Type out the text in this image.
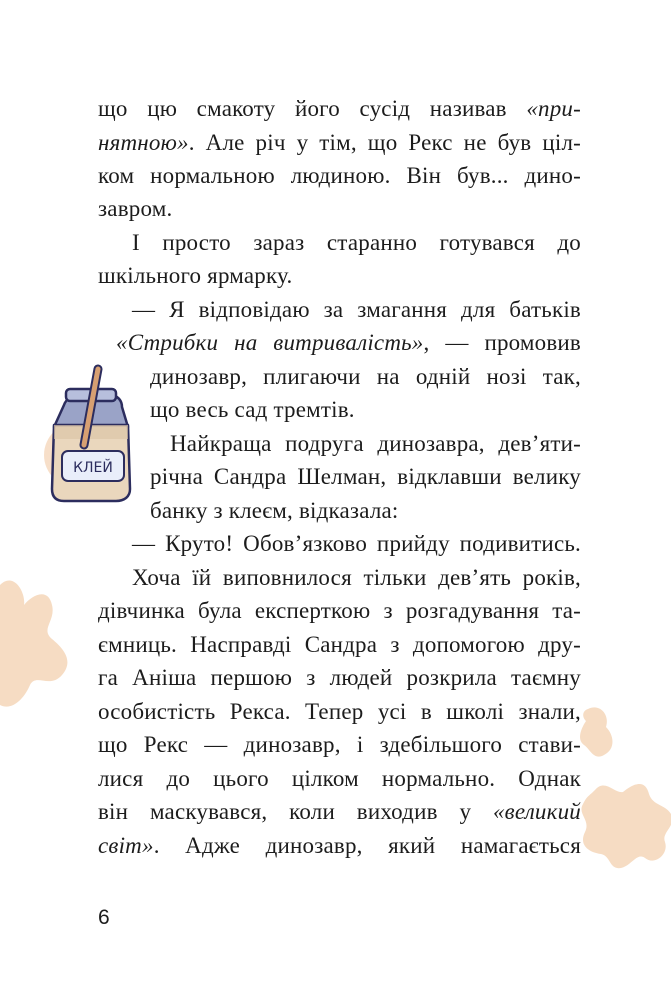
КЛЕЙ
що цю смакоту його сусід називав «при-
нятною». Але річ у тім, що Рекс не був ціл-
ком нормальною людиною. Він був... дино-
завром.
І просто зараз старанно готувався до
шкільного ярмарку.
— Я відповідаю за змагання для батьків
«Стрибки на витривалість», — промовив
динозавр, плигаючи на одній нозі так,
що весь сад тремтів.
Найкраща подруга динозавра, дев’яти-
річна Сандра Шелман, відклавши велику
банку з клеєм, відказала:
— Круто! Обов’язково прийду подивитись.
Хоча їй виповнилося тільки дев’ять років,
дівчинка була експерткою з розгадування та-
ємниць. Насправді Сандра з допомогою дру-
га Аніша першою з людей розкрила таємну
особистість Рекса. Тепер усі в школі знали,
що Рекс — динозавр, і здебільшого стави-
лися до цього цілком нормально. Однак
він маскувався, коли виходив у «великий
світ». Адже динозавр, який намагається
6
